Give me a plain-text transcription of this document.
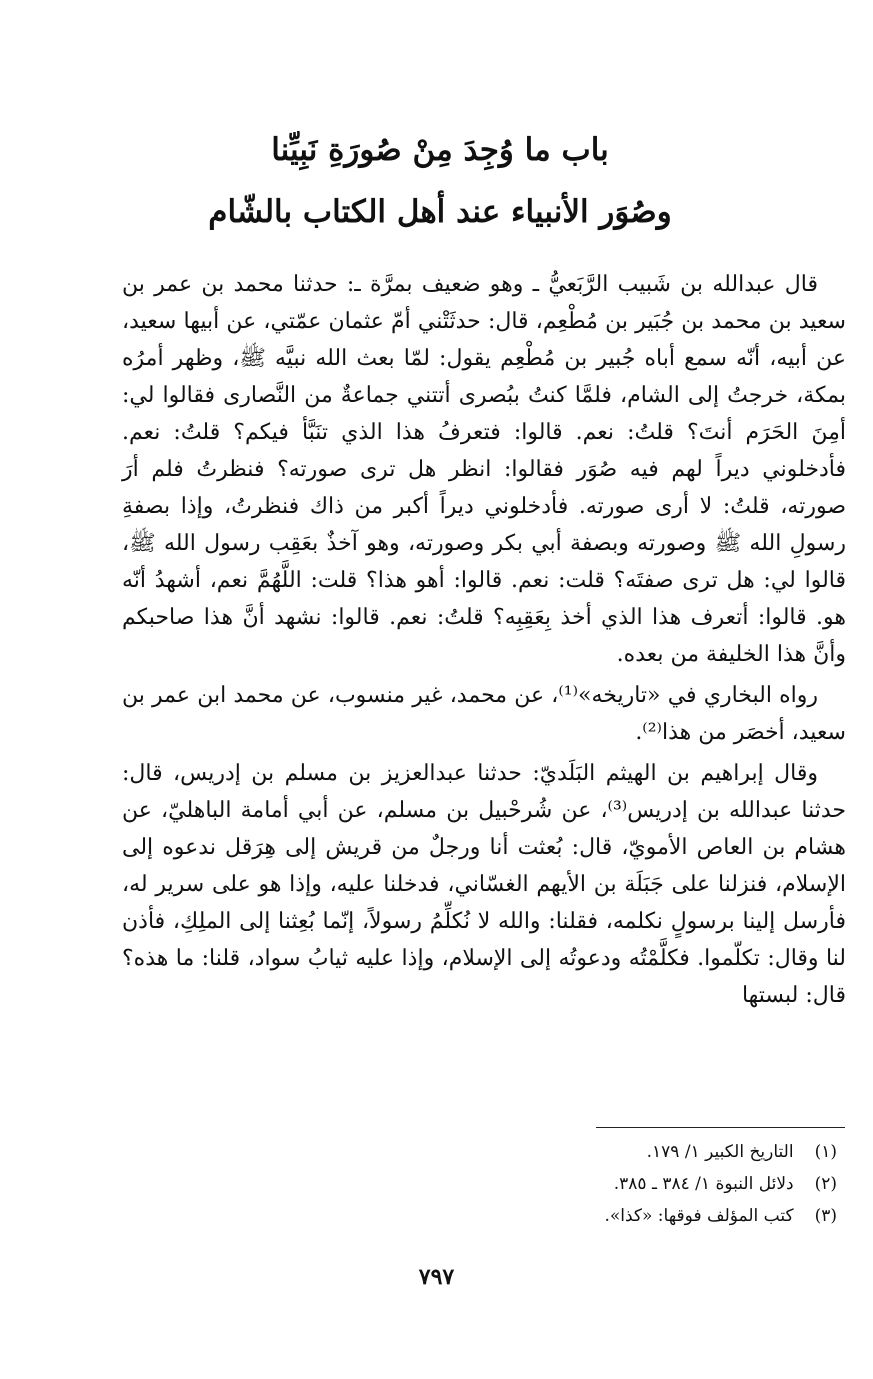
باب ما وُجِدَ مِنْ صُورَةِ نَبِيِّنا
وصُوَر الأنبياء عند أهل الكتاب بالشّام

قال عبدالله بن شَبيب الرَّبَعيُّ ـ وهو ضعيف بمرَّة ـ: حدثنا محمد بن عمر بن سعيد بن محمد بن جُبَير بن مُطْعِم، قال: حدثَتْني أمّ عثمان عمّتي، عن أبيها سعيد، عن أبيه، أنّه سمع أباه جُبير بن مُطْعِم يقول: لمّا بعث الله نبيَّه ﷺ، وظهر أمرُه بمكة، خرجتُ إلى الشام، فلمَّا كنتُ ببُصرى أتتني جماعةٌ من النَّصارى فقالوا لي: أمِنَ الحَرَم أنتَ؟ قلتُ: نعم. قالوا: فتعرفُ هذا الذي تنَبَّأ فيكم؟ قلتُ: نعم. فأدخلوني ديراً لهم فيه صُوَر فقالوا: انظر هل ترى صورته؟ فنظرتُ فلم أرَ صورته، قلتُ: لا أرى صورته. فأدخلوني ديراً أكبر من ذاك فنظرتُ، وإذا بصفةِ رسولِ الله ﷺ وصورته وبصفة أبي بكر وصورته، وهو آخذٌ بعَقِب رسول الله ﷺ، قالوا لي: هل ترى صفتَه؟ قلت: نعم. قالوا: أهو هذا؟ قلت: اللَّهُمَّ نعم، أشهدُ أنّه هو. قالوا: أتعرف هذا الذي أخذ بِعَقِبِه؟ قلتُ: نعم. قالوا: نشهد أنَّ هذا صاحبكم وأنَّ هذا الخليفة من بعده.

رواه البخاري في «تاريخه»⁽¹⁾، عن محمد، غير منسوب، عن محمد ابن عمر بن سعيد، أخصَر من هذا⁽²⁾.

وقال إبراهيم بن الهيثم البَلَديّ: حدثنا عبدالعزيز بن مسلم بن إدريس، قال: حدثنا عبدالله بن إدريس⁽³⁾، عن شُرحْبيل بن مسلم، عن أبي أمامة الباهليّ، عن هشام بن العاص الأمويّ، قال: بُعثت أنا ورجلٌ من قريش إلى هِرَقل ندعوه إلى الإسلام، فنزلنا على جَبَلَة بن الأيهم الغسّاني، فدخلنا عليه، وإذا هو على سرير له، فأرسل إلينا برسولٍ نكلمه، فقلنا: والله لا نُكلِّمُ رسولاً، إنّما بُعِثنا إلى الملِكِ، فأذن لنا وقال: تكلّموا. فكلَّمْتُه ودعوتُه إلى الإسلام، وإذا عليه ثيابُ سواد، قلنا: ما هذه؟ قال: لبستها

(١) التاريخ الكبير ١/ ١٧٩.
(٢) دلائل النبوة ١/ ٣٨٤ ـ ٣٨٥.
(٣) كتب المؤلف فوقها: «كذا».
٧٩٧
